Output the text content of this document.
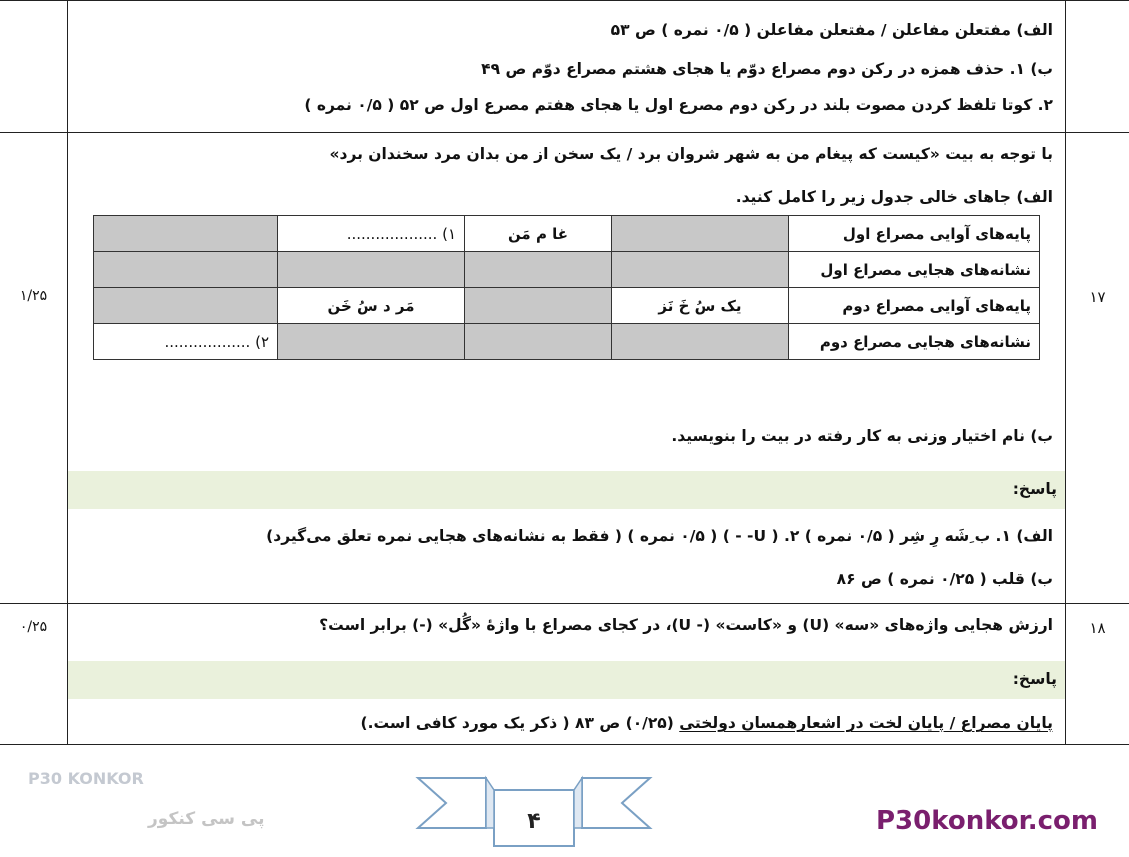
الف) مفتعلن مفاعلن / مفتعلن مفاعلن ( ۰/۵ نمره ) ص ۵۳
ب) ۱. حذف همزه در رکن دوم مصراع دوّم یا هجای هشتم مصراع دوّم ص ۴۹
۲. کوتا تلفظ کردن مصوت بلند در رکن دوم مصرع اول یا هجای هفتم مصرع اول ص ۵۲ ( ۰/۵ نمره )
۱۷
۱/۲۵
با توجه به بیت «کیست که پیغام من به شهر شروان برد / یک سخن از من بدان مرد سخندان برد»
الف) جاهای خالی جدول زیر را کامل کنید.
پایه‌های آوایی مصراع اول		غا م مَن	۱) ...................	
نشانه‌های هجایی مصراع اول				
پایه‌های آوایی مصراع دوم	یک سُ خَ نَز		مَر د سُ خَن	
نشانه‌های هجایی مصراع دوم				۲) ..................
ب) نام اختیار وزنی به کار رفته در بیت را بنویسید.
پاسخ:
الف) ۱. ب ِشَه رِ شِر ( ۰/۵ نمره ) ۲. ( U- - ) ( ۰/۵ نمره ) ( فقط به نشانه‌های هجایی نمره تعلق می‌گیرد)
ب) قلب ( ۰/۲۵ نمره ) ص ۸۶
۱۸
۰/۲۵	ارزش هجایی واژه‌های «سه» (U) و «کاست» (- U)، در کجای مصراع با واژۀ «گُل» (-) برابر است؟
پاسخ:
پایان مصراع / پایان لخت در اشعارهمسان دولختی (۰/۲۵) ص ۸۳ ( ذکر یک مورد کافی است.)
P30 KONKOR
پی سی کنکور	۴	P30konkor.com
